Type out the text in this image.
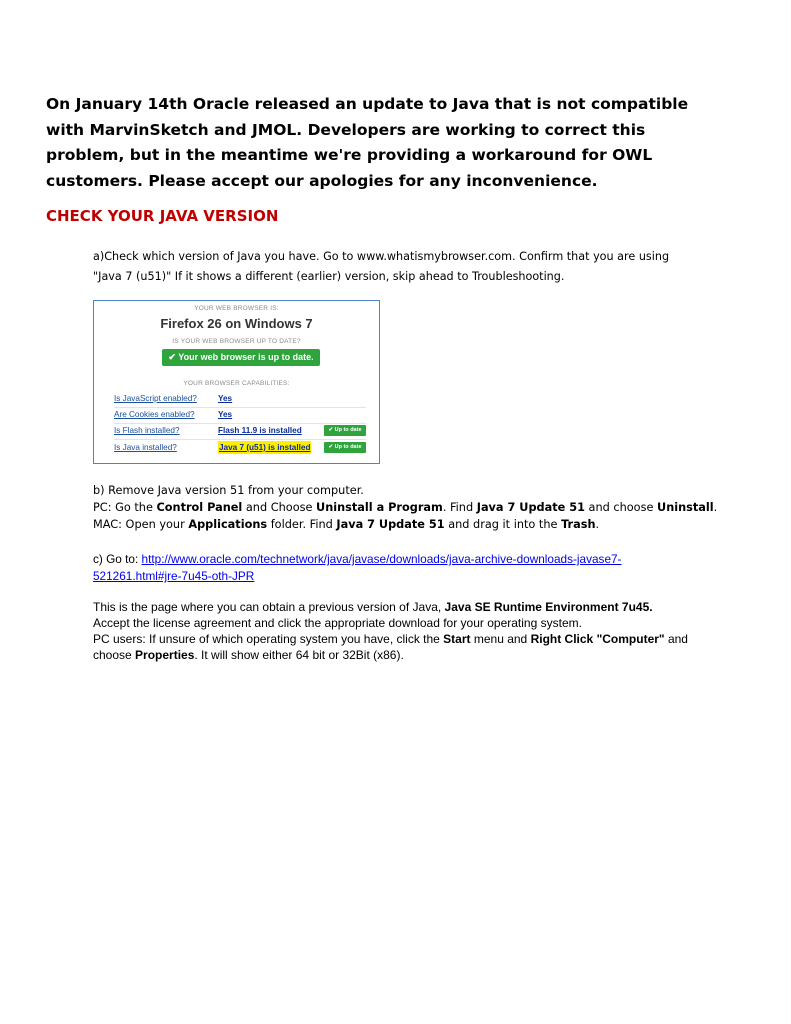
On January 14th Oracle released an update to Java that is not compatible with MarvinSketch and JMOL. Developers are working to correct this problem, but in the meantime we're providing a workaround for OWL customers. Please accept our apologies for any inconvenience.
CHECK YOUR JAVA VERSION
a)Check which version of Java you have. Go to www.whatismybrowser.com. Confirm that you are using
"Java 7 (u51)" If it shows a different (earlier) version, skip ahead to Troubleshooting.
YOUR WEB BROWSER IS:
Firefox 26 on Windows 7
IS YOUR WEB BROWSER UP TO DATE?
✔ Your web browser is up to date.
YOUR BROWSER CAPABILITIES:
Is JavaScript enabled?	Yes
Are Cookies enabled?	Yes
Is Flash installed?	Flash 11.9 is installed	✔ Up to date
Is Java installed?	Java 7 (u51) is installed	✔ Up to date
b) Remove Java version 51 from your computer.
PC: Go the Control Panel and Choose Uninstall a Program. Find Java 7 Update 51 and choose Uninstall.
MAC: Open your Applications folder. Find Java 7 Update 51 and drag it into the Trash.
c) Go to: http://www.oracle.com/technetwork/java/javase/downloads/java-archive-downloads-javase7-
521261.html#jre-7u45-oth-JPR
This is the page where you can obtain a previous version of Java, Java SE Runtime Environment 7u45.
Accept the license agreement and click the appropriate download for your operating system.
PC users: If unsure of which operating system you have, click the Start menu and Right Click "Computer" and choose Properties. It will show either 64 bit or 32Bit (x86).
